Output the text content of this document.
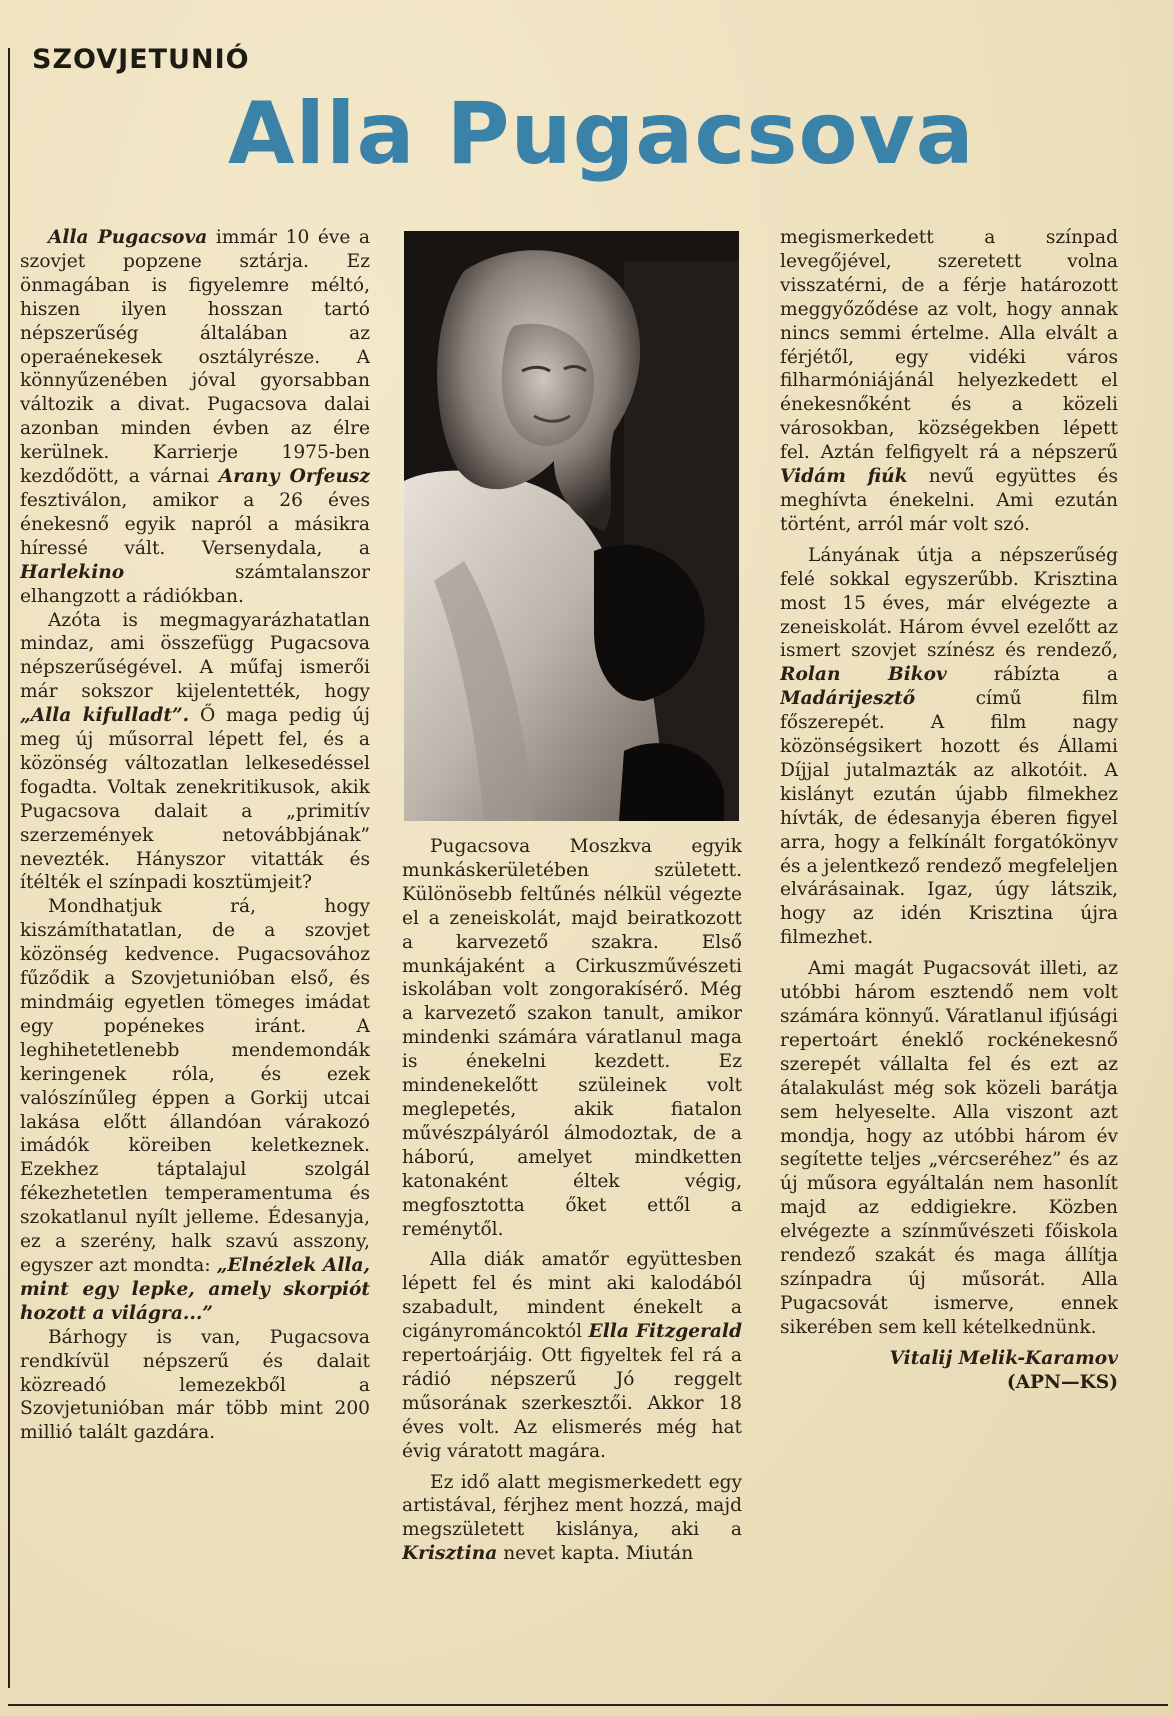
SZOVJETUNIÓ
Alla Pugacsova

Alla Pugacsova immár 10 éve a szovjet popzene sztárja. Ez önmagában is figyelemre méltó, hiszen ilyen hosszan tartó népszerűség általában az operaénekesek osztályrésze. A könnyűzenében jóval gyorsabban változik a divat. Pugacsova dalai azonban minden évben az élre kerülnek. Karrierje 1975-ben kezdődött, a várnai Arany Orfeusz fesztiválon, amikor a 26 éves énekesnő egyik napról a másikra híressé vált. Versenydala, a Harlekino számtalanszor elhangzott a rádiókban.

Azóta is megmagyarázhatatlan mindaz, ami összefügg Pugacsova népszerűségével. A műfaj ismerői már sokszor kijelentették, hogy „Alla kifulladt”. Ő maga pedig új meg új műsorral lépett fel, és a közönség változatlan lelkesedéssel fogadta. Voltak zenekritikusok, akik Pugacsova dalait a „primitív szerzemények netovábbjának” nevezték. Hányszor vitatták és ítélték el színpadi kosztümjeit?

Mondhatjuk rá, hogy kiszámíthatatlan, de a szovjet közönség kedvence. Pugacsovához fűződik a Szovjetunióban első, és mindmáig egyetlen tömeges imádat egy popénekes iránt. A leghihetetlenebb mendemondák keringenek róla, és ezek valószínűleg éppen a Gorkij utcai lakása előtt állandóan várakozó imádók köreiben keletkeznek. Ezekhez táptalajul szolgál fékezhetetlen temperamentuma és szokatlanul nyílt jelleme. Édesanyja, ez a szerény, halk szavú asszony, egyszer azt mondta: „Elnézlek Alla, mint egy lepke, amely skorpiót hozott a világra...”

Bárhogy is van, Pugacsova rendkívül népszerű és dalait közreadó lemezekből a Szovjetunióban már több mint 200 millió talált gazdára.

Pugacsova Moszkva egyik munkáskerületében született. Különösebb feltűnés nélkül végezte el a zeneiskolát, majd beiratkozott a karvezető szakra. Első munkájaként a Cirkuszművészeti iskolában volt zongorakísérő. Még a karvezető szakon tanult, amikor mindenki számára váratlanul maga is énekelni kezdett. Ez mindenekelőtt szüleinek volt meglepetés, akik fiatalon művészpályáról álmodoztak, de a háború, amelyet mindketten katonaként éltek végig, megfosztotta őket ettől a reménytől.

Alla diák amatőr együttesben lépett fel és mint aki kalodából szabadult, mindent énekelt a cigányrománcoktól Ella Fitzgerald repertoárjáig. Ott figyeltek fel rá a rádió népszerű Jó reggelt műsorának szerkesztői. Akkor 18 éves volt. Az elismerés még hat évig váratott magára.

Ez idő alatt megismerkedett egy artistával, férjhez ment hozzá, majd megszületett kislánya, aki a Krisztina nevet kapta. Miután

megismerkedett a színpad levegőjével, szeretett volna visszatérni, de a férje határozott meggyőződése az volt, hogy annak nincs semmi értelme. Alla elvált a férjétől, egy vidéki város filharmóniájánál helyezkedett el énekesnőként és a közeli városokban, községekben lépett fel. Aztán felfigyelt rá a népszerű Vidám fiúk nevű együttes és meghívta énekelni. Ami ezután történt, arról már volt szó.

Lányának útja a népszerűség felé sokkal egyszerűbb. Krisztina most 15 éves, már elvégezte a zeneiskolát. Három évvel ezelőtt az ismert szovjet színész és rendező, Rolan Bikov rábízta a Madárijesztő című film főszerepét. A film nagy közönségsikert hozott és Állami Díjjal jutalmazták az alkotóit. A kislányt ezután újabb filmekhez hívták, de édesanyja éberen figyel arra, hogy a felkínált forgatókönyv és a jelentkező rendező megfeleljen elvárásainak. Igaz, úgy látszik, hogy az idén Krisztina újra filmezhet.

Ami magát Pugacsovát illeti, az utóbbi három esztendő nem volt számára könnyű. Váratlanul ifjúsági repertoárt éneklő rockénekesnő szerepét vállalta fel és ezt az átalakulást még sok közeli barátja sem helyeselte. Alla viszont azt mondja, hogy az utóbbi három év segítette teljes „vércseréhez” és az új műsora egyáltalán nem hasonlít majd az eddigiekre. Közben elvégezte a színművészeti főiskola rendező szakát és maga állítja színpadra új műsorát. Alla Pugacsovát ismerve, ennek sikerében sem kell kételkednünk.

Vitalij Melik-Karamov

(APN—KS)
